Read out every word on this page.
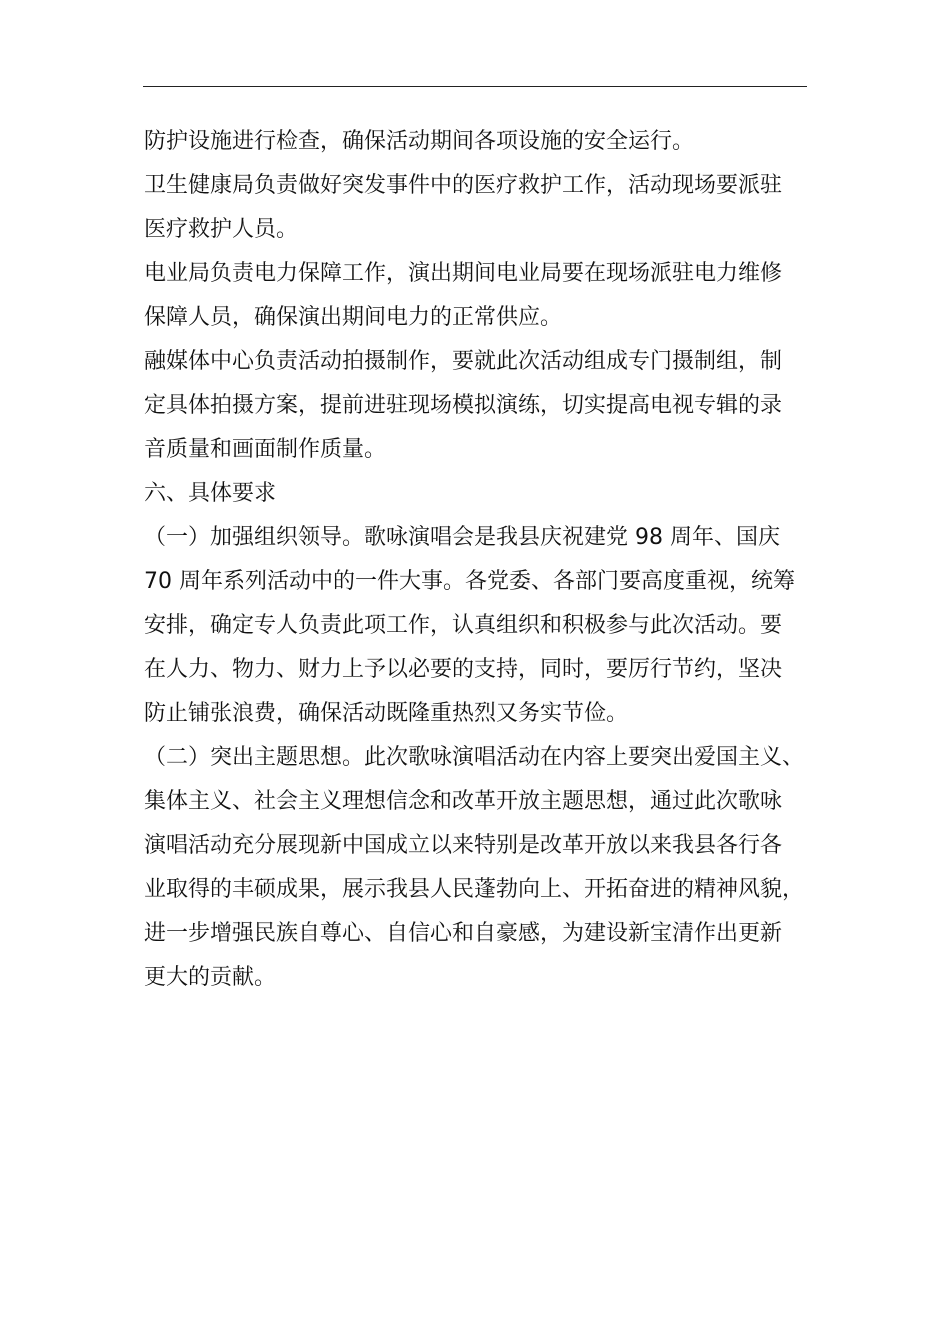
防护设施进行检查，确保活动期间各项设施的安全运行。
卫生健康局负责做好突发事件中的医疗救护工作，活动现场要派驻
医疗救护人员。
电业局负责电力保障工作，演出期间电业局要在现场派驻电力维修
保障人员，确保演出期间电力的正常供应。
融媒体中心负责活动拍摄制作，要就此次活动组成专门摄制组，制
定具体拍摄方案，提前进驻现场模拟演练，切实提高电视专辑的录
音质量和画面制作质量。
六、具体要求
（一）加强组织领导。歌咏演唱会是我县庆祝建党 98 周年、国庆
70 周年系列活动中的一件大事。各党委、各部门要高度重视，统筹
安排，确定专人负责此项工作，认真组织和积极参与此次活动。要
在人力、物力、财力上予以必要的支持，同时，要厉行节约，坚决
防止铺张浪费，确保活动既隆重热烈又务实节俭。
（二）突出主题思想。此次歌咏演唱活动在内容上要突出爱国主义、
集体主义、社会主义理想信念和改革开放主题思想，通过此次歌咏
演唱活动充分展现新中国成立以来特别是改革开放以来我县各行各
业取得的丰硕成果，展示我县人民蓬勃向上、开拓奋进的精神风貌，
进一步增强民族自尊心、自信心和自豪感，为建设新宝清作出更新
更大的贡献。
